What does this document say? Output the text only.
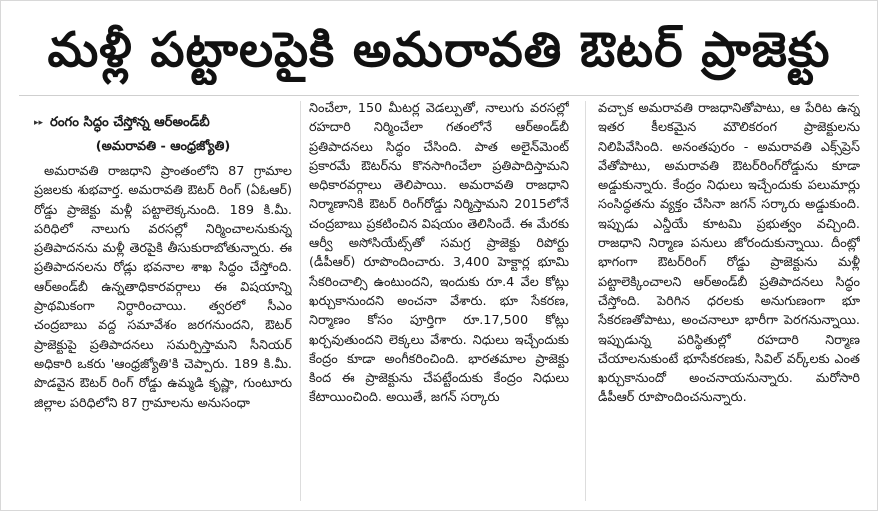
మళ్లీ పట్టాలపైకి అమరావతి ఔటర్ ప్రాజెక్టు
▸▸ రంగం సిద్ధం చేస్తోన్న ఆర్‌అండ్‌బీ
(అమరావతి - ఆంధ్రజ్యోతి)

అమరావతి రాజధాని ప్రాంతంలోని 87 గ్రామాల ప్రజలకు శుభవార్త. అమరావతి ఔటర్ రింగ్ (ఏఓఆర్) రోడ్డు ప్రాజెక్టు మళ్లీ పట్టాలెక్కనుంది. 189 కి.మీ. పరిధిలో నాలుగు వరసల్లో నిర్మించాలనుకున్న ప్రతిపాదనను మళ్లీ తెరపైకి తీసుకురాబోతున్నారు. ఈ ప్రతిపాదనలను రోడ్లు భవనాల శాఖ సిద్ధం చేస్తోంది. ఆర్‌అండ్‌బీ ఉన్నతాధికారవర్గాలు ఈ విషయాన్ని ప్రాథమికంగా నిర్ధారించాయి. త్వరలో సీఎం చంద్రబాబు వద్ద సమావేశం జరగనుందని, ఔటర్ ప్రాజెక్టుపై ప్రతిపాదనలు సమర్పిస్తామని సీనియర్ అధికారి ఒకరు 'ఆంధ్రజ్యోతి'కి చెప్పారు. 189 కి.మీ. పొడవైన ఔటర్ రింగ్ రోడ్డు ఉమ్మడి కృష్ణా, గుంటూరు జిల్లాల పరిధిలోని 87 గ్రామాలను అనుసంధా

నించేలా, 150 మీటర్ల వెడల్పుతో, నాలుగు వరసల్లో రహదారి నిర్మించేలా గతంలోనే ఆర్‌అండ్‌బీ ప్రతిపాదనలు సిద్ధం చేసింది. పాత అలైన్‌మెంట్ ప్రకారమే ఔటర్‌ను కొనసాగించేలా ప్రతిపాదిస్తామని అధికారవర్గాలు తెలిపాయి. అమరావతి రాజధాని నిర్మాణానికి ఔటర్ రింగ్‌రోడ్డు నిర్మిస్తామని 2015లోనే చంద్రబాబు ప్రకటించిన విషయం తెలిసిందే. ఈ మేరకు ఆర్వీ అసోసియేట్స్‌తో సమగ్ర ప్రాజెక్టు రిపోర్టు (డీపీఆర్) రూపొందించారు. 3,400 హెక్టార్ల భూమి సేకరించాల్సి ఉంటుందని, ఇందుకు రూ.4 వేల కోట్లు ఖర్చుకానుందని అంచనా వేశారు. భూ సేకరణ, నిర్మాణం కోసం పూర్తిగా రూ.17,500 కోట్లు ఖర్చవుతుందని లెక్కలు వేశారు. నిధులు ఇచ్చేందుకు కేంద్రం కూడా అంగీకరించింది. భారతమాల ప్రాజెక్టు కింద ఈ ప్రాజెక్టును చేపట్టేందుకు కేంద్రం నిధులు కేటాయించింది. అయితే, జగన్ సర్కారు

వచ్చాక అమరావతి రాజధానితోపాటు, ఆ పేరిట ఉన్న ఇతర కీలకమైన మౌలికరంగ ప్రాజెక్టులను నిలిపివేసింది. అనంతపురం - అమరావతి ఎక్స్‌ప్రెస్ వేతోపాటు, అమరావతి ఔటర్‌రింగ్‌రోడ్డును కూడా అడ్డుకున్నారు. కేంద్రం నిధులు ఇచ్చేందుకు పలుమార్లు సంసిద్ధతను వ్యక్తం చేసినా జగన్ సర్కారు అడ్డుకుంది. ఇప్పుడు ఎన్డీయే కూటమి ప్రభుత్వం వచ్చింది. రాజధాని నిర్మాణ పనులు జోరందుకున్నాయి. దీంట్లో భాగంగా ఔటర్‌రింగ్ రోడ్డు ప్రాజెక్టును మళ్లీ పట్టాలెక్కించాలని ఆర్‌అండ్‌బీ ప్రతిపాదనలు సిద్ధం చేస్తోంది. పెరిగిన ధరలకు అనుగుణంగా భూ సేకరణతోపాటు, అంచనాలూ భారీగా పెరగనున్నాయి. ఇప్పుడున్న పరిస్థితుల్లో రహదారి నిర్మాణ చేయాలనుకుంటే భూసేకరణకు, సివిల్ వర్క్‌లకు ఎంత ఖర్చుకానుందో అంచనాయనున్నారు. మరోసారి డీపీఆర్ రూపొందించనున్నారు.
